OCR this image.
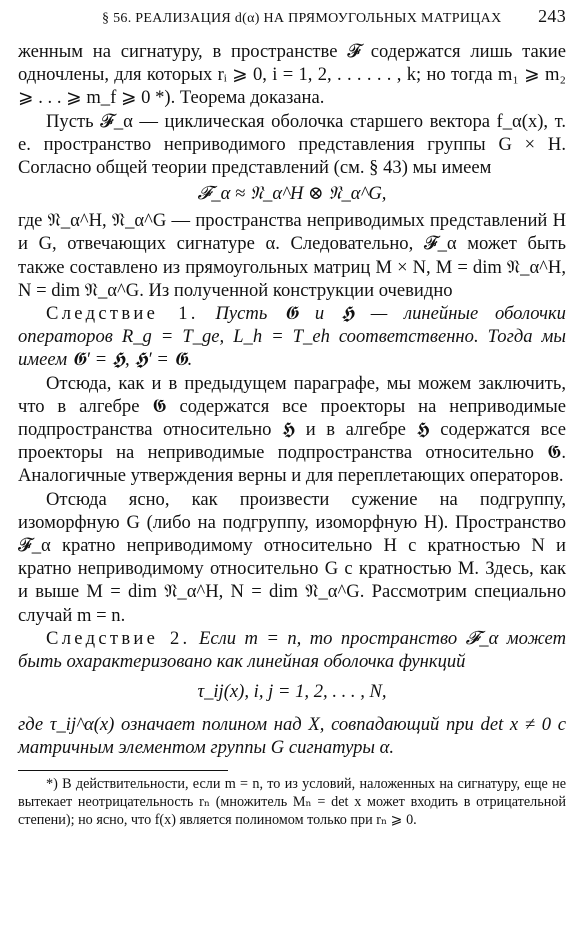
§ 56. РЕАЛИЗАЦИЯ d(α) НА ПРЯМОУГОЛЬНЫХ МАТРИЦАХ 243

женным на сигнатуру, в пространстве 𝓕 содержатся лишь такие одночлены, для которых rᵢ ⩾ 0, i = 1, 2, . . . . . . , k; но тогда m₁ ⩾ m₂ ⩾ . . . ⩾ m_f ⩾ 0 *). Теорема доказана.

Пусть 𝓕_α — циклическая оболочка старшего вектора f_α(x), т. е. пространство неприводимого представления группы G × H. Согласно общей теории представлений (см. § 43) мы имеем

𝓕_α ≈ 𝔑_α^H ⊗ 𝔑_α^G,

где 𝔑_α^H, 𝔑_α^G — пространства неприводимых представлений H и G, отвечающих сигнатуре α. Следовательно, 𝓕_α может быть также составлено из прямоугольных матриц M × N, M = dim 𝔑_α^H, N = dim 𝔑_α^G. Из полученной конструкции очевидно

Следствие 1. Пусть 𝕲 и 𝕳 — линейные оболочки операторов R_g = T_ge, L_h = T_eh соответственно. Тогда мы имеем 𝕲′ = 𝕳, 𝕳′ = 𝕲.

Отсюда, как и в предыдущем параграфе, мы можем заключить, что в алгебре 𝕲 содержатся все проекторы на неприводимые подпространства относительно 𝕳 и в алгебре 𝕳 содержатся все проекторы на неприводимые подпространства относительно 𝕲. Аналогичные утверждения верны и для переплетающих операторов.

Отсюда ясно, как произвести сужение на подгруппу, изоморфную G (либо на подгруппу, изоморфную H). Пространство 𝓕_α кратно неприводимому относительно H с кратностью N и кратно неприводимому относительно G с кратностью M. Здесь, как и выше M = dim 𝔑_α^H, N = dim 𝔑_α^G. Рассмотрим специально случай m = n.

Следствие 2. Если m = n, то пространство 𝓕_α может быть охарактеризовано как линейная оболочка функций

τ_ij(x), i, j = 1, 2, . . . , N,

где τ_ij^α(x) означает полином над X, совпадающий при det x ≠ 0 с матричным элементом группы G сигнатуры α.

*) В действительности, если m = n, то из условий, наложенных на сигнатуру, еще не вытекает неотрицательность rₙ (множитель Mₙ = det x может входить в отрицательной степени); но ясно, что f(x) является полиномом только при rₙ ⩾ 0.
